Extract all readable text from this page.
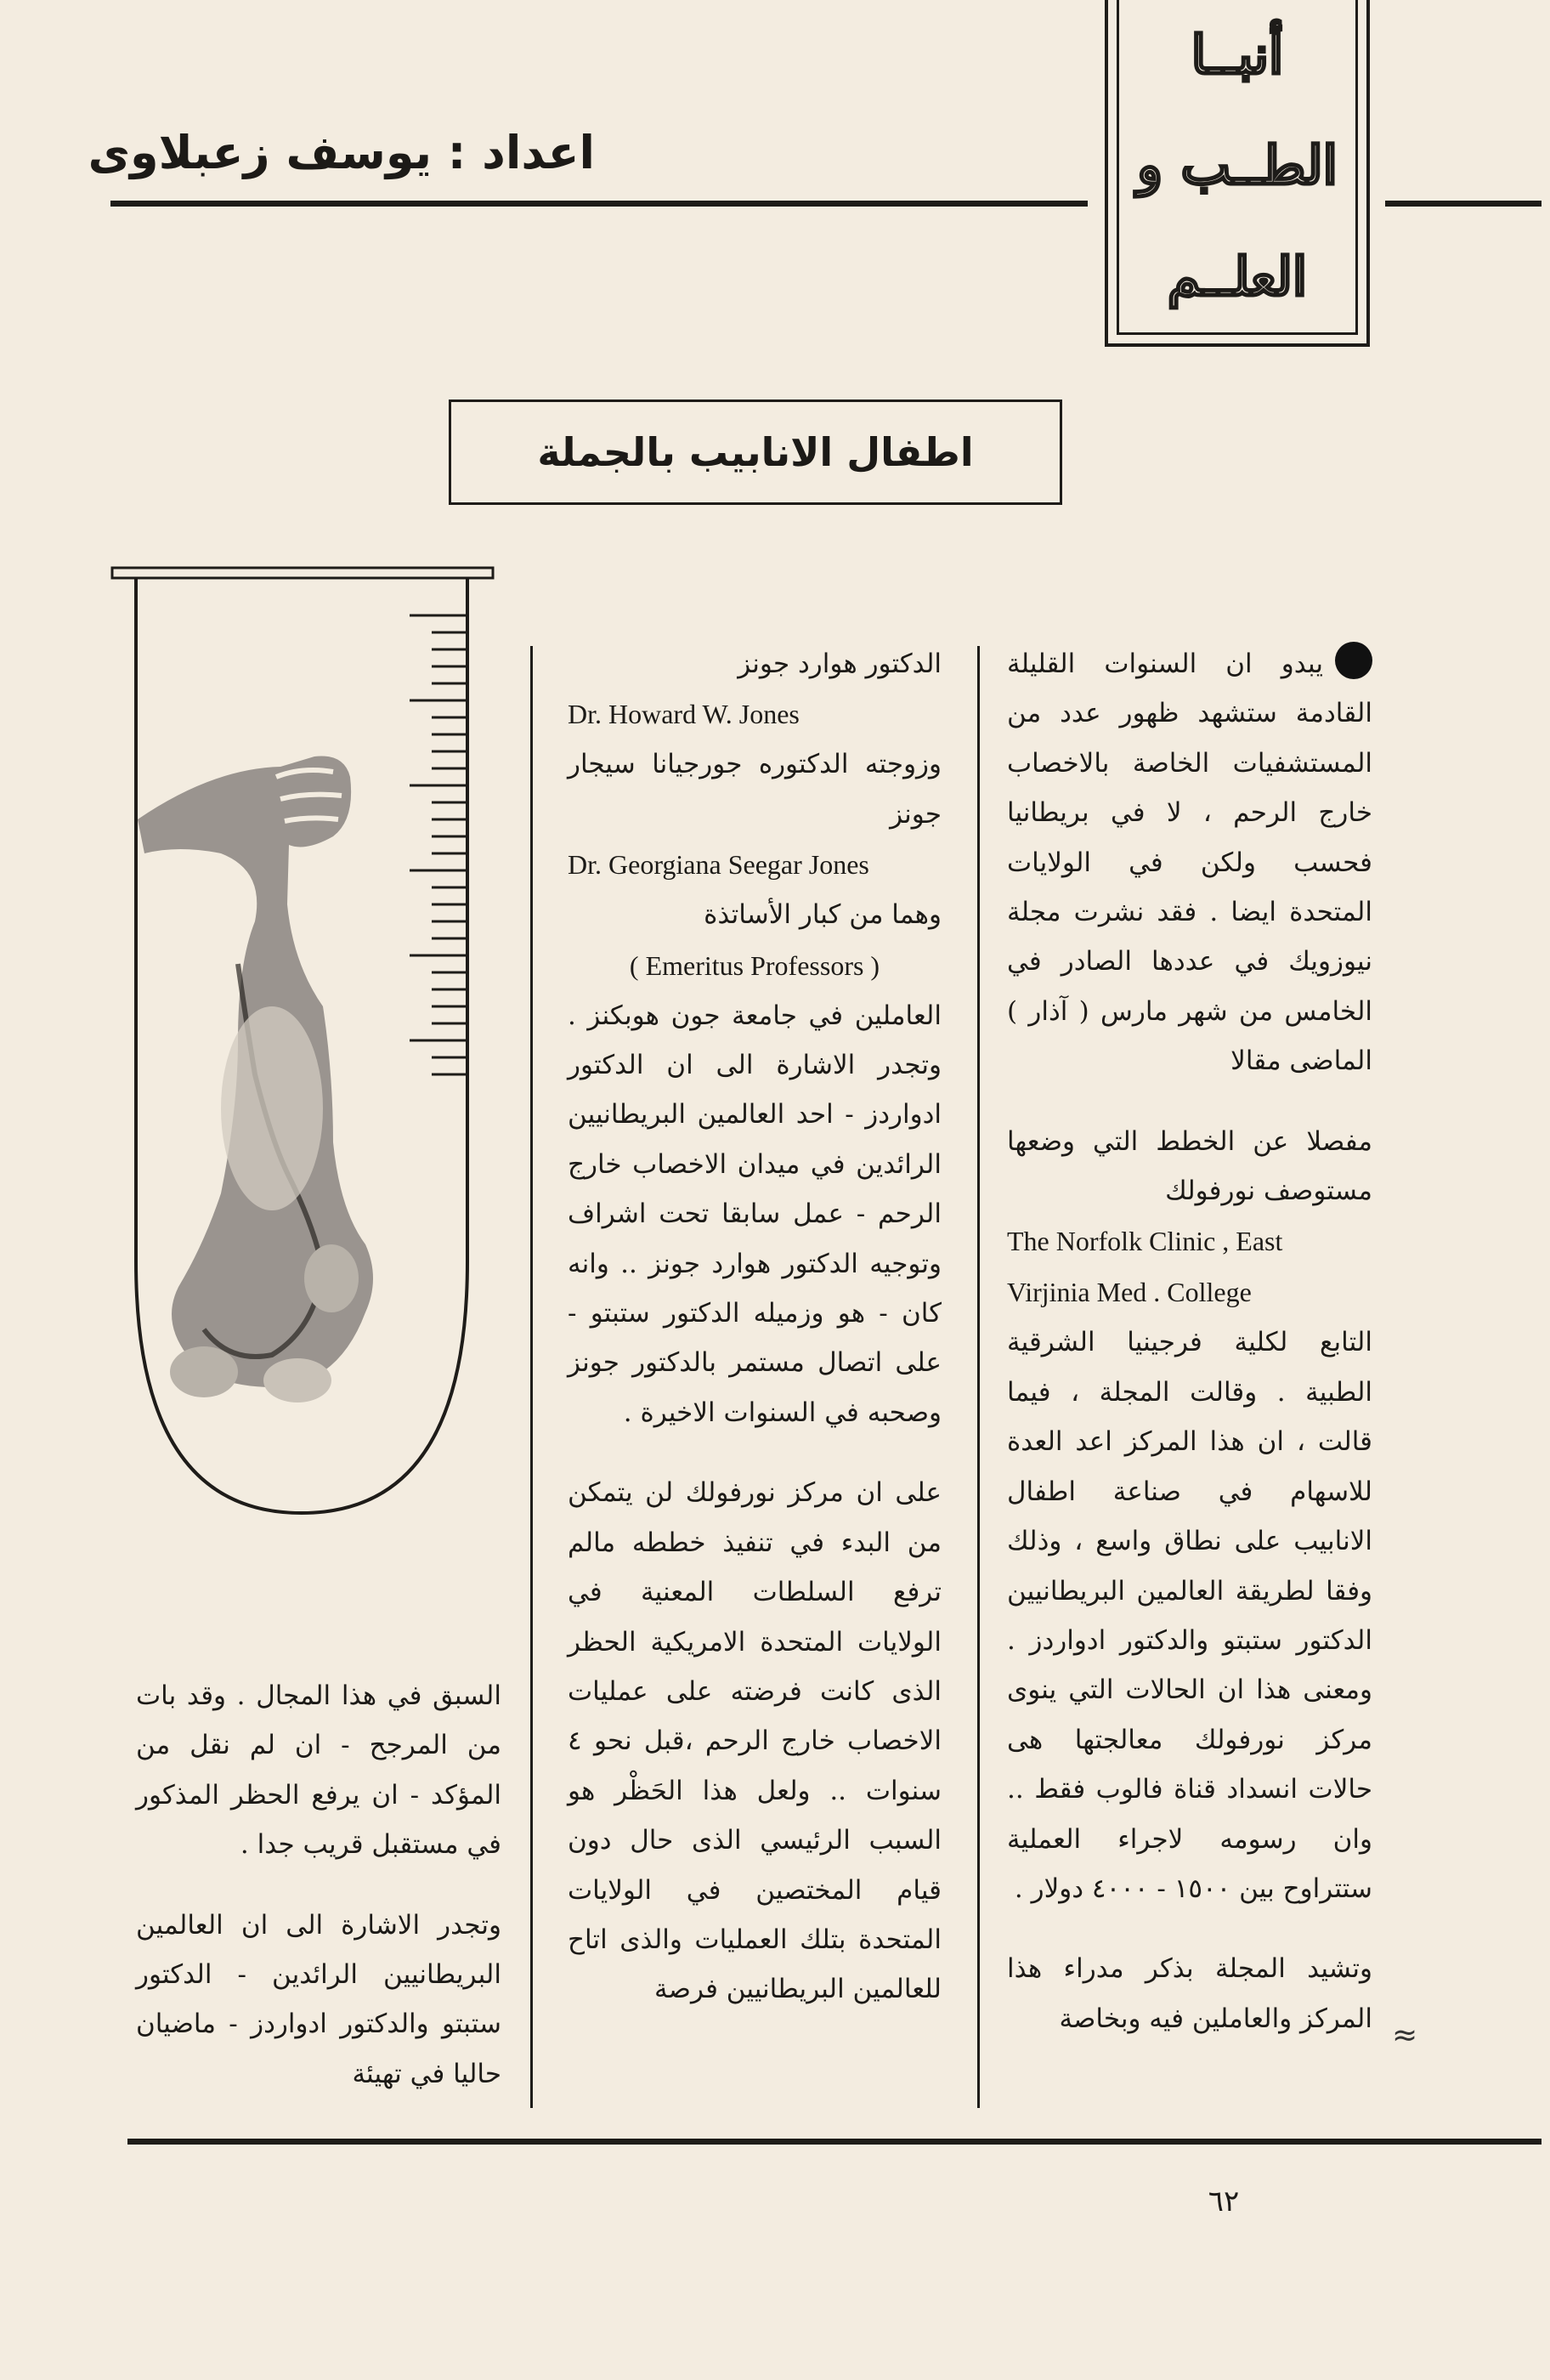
اعداد : يوسف زعبلاوى
أنبــا
الطــب و
العلــم
اطفال الانابيب بالجملة

يبدو ان السنوات القليلة القادمة ستشهد ظهور عدد من المستشفيات الخاصة بالاخصاب خارج الرحم ، لا في بريطانيا فحسب ولكن في الولايات المتحدة ايضا . فقد نشرت مجلة نيوزويك في عددها الصادر في الخامس من شهر مارس ( آذار ) الماضى مقالا

مفصلا عن الخطط التي وضعها مستوصف نورفولك

The Norfolk Clinic , East

Virjinia Med . College

التابع لكلية فرجينيا الشرقية الطبية . وقالت المجلة ، فيما قالت ، ان هذا المركز اعد العدة للاسهام في صناعة اطفال الانابيب على نطاق واسع ، وذلك وفقا لطريقة العالمين البريطانيين الدكتور ستبتو والدكتور ادواردز . ومعنى هذا ان الحالات التي ينوى مركز نورفولك معالجتها هى حالات انسداد قناة فالوب فقط .. وان رسومه لاجراء العملية ستتراوح بين ١٥٠٠ - ٤٠٠٠ دولار .

وتشيد المجلة بذكر مدراء هذا المركز والعاملين فيه وبخاصة

الدكتور هوارد جونز

Dr. Howard W. Jones

وزوجته الدكتوره جورجيانا سيجار جونز

Dr. Georgiana Seegar Jones

وهما من كبار الأساتذة

( Emeritus Professors )

العاملين في جامعة جون هوبكنز . وتجدر الاشارة الى ان الدكتور ادواردز - احد العالمين البريطانيين الرائدين في ميدان الاخصاب خارج الرحم - عمل سابقا تحت اشراف وتوجيه الدكتور هوارد جونز .. وانه كان - هو وزميله الدكتور ستبتو - على اتصال مستمر بالدكتور جونز وصحبه في السنوات الاخيرة .

على ان مركز نورفولك لن يتمكن من البدء في تنفيذ خططه مالم ترفع السلطات المعنية في الولايات المتحدة الامريكية الحظر الذى كانت فرضته على عمليات الاخصاب خارج الرحم ،قبل نحو ٤ سنوات .. ولعل هذا الحَظْر هو السبب الرئيسي الذى حال دون قيام المختصين في الولايات المتحدة بتلك العمليات والذى اتاح للعالمين البريطانيين فرصة

السبق في هذا المجال . وقد بات من المرجح - ان لم نقل من المؤكد - ان يرفع الحظر المذكور في مستقبل قريب جدا .

وتجدر الاشارة الى ان العالمين البريطانيين الرائدين - الدكتور ستبتو والدكتور ادواردز - ماضيان حاليا في تهيئة

≈
٦٢
